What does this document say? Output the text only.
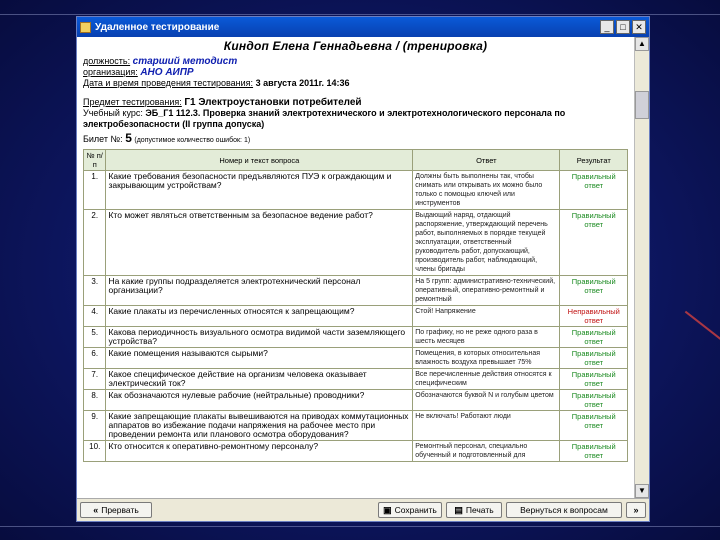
Удаленное тестирование	_	□	✕
Киндоп Елена Геннадьевна / (тренировка)
должность: старший методист
организация: АНО АИПР
Дата и время проведения тестирования: 3 августа 2011г. 14:36
Предмет тестирования: Г1 Электроустановки потребителей
Учебный курс: ЭБ_Г1 112.3. Проверка знаний электротехнического и электротехнологического персонала по
электробезопасности (II группа допуска)
Билет №: 5 (допустимое количество ошибок: 1)
№ п/п	Номер и текст вопроса	Ответ	Результат
1.	Какие требования безопасности предъявляются ПУЭ к ограждающим и закрывающим устройствам?	Должны быть выполнены так, чтобы снимать или открывать их можно было только с помощью ключей или инструментов	Правильный ответ
2.	Кто может являться ответственным за безопасное ведение работ?	Выдающий наряд, отдающий распоряжение, утверждающий перечень работ, выполняемых в порядке текущей эксплуатации, ответственный руководитель работ, допускающий, производитель работ, наблюдающий, члены бригады	Правильный ответ
3.	На какие группы подразделяется электротехнический персонал организации?	На 5 групп: административно-технический, оперативный, оперативно-ремонтный и ремонтный	Правильный ответ
4.	Какие плакаты из перечисленных относятся к запрещающим?	Стой! Напряжение	Неправильный ответ
5.	Какова периодичность визуального осмотра видимой части заземляющего устройства?	По графику, но не реже одного раза в шесть месяцев	Правильный ответ
6.	Какие помещения называются сырыми?	Помещения, в которых относительная влажность воздуха превышает 75%	Правильный ответ
7.	Какое специфическое действие на организм человека оказывает электрический ток?	Все перечисленные действия относятся к специфическим	Правильный ответ
8.	Как обозначаются нулевые рабочие (нейтральные) проводники?	Обозначаются буквой N и голубым цветом	Правильный ответ
9.	Какие запрещающие плакаты вывешиваются на приводах коммутационных аппаратов во избежание подачи напряжения на рабочее место при проведении ремонта или планового осмотра оборудования?	Не включать! Работают люди	Правильный ответ
10.	Кто относится к оперативно-ремонтному персоналу?	Ремонтный персонал, специально обученный и подготовленный для	Правильный ответ
▲
▼
« Прервать	▣ Сохранить ▤ Печать	Вернуться к вопросам	»
